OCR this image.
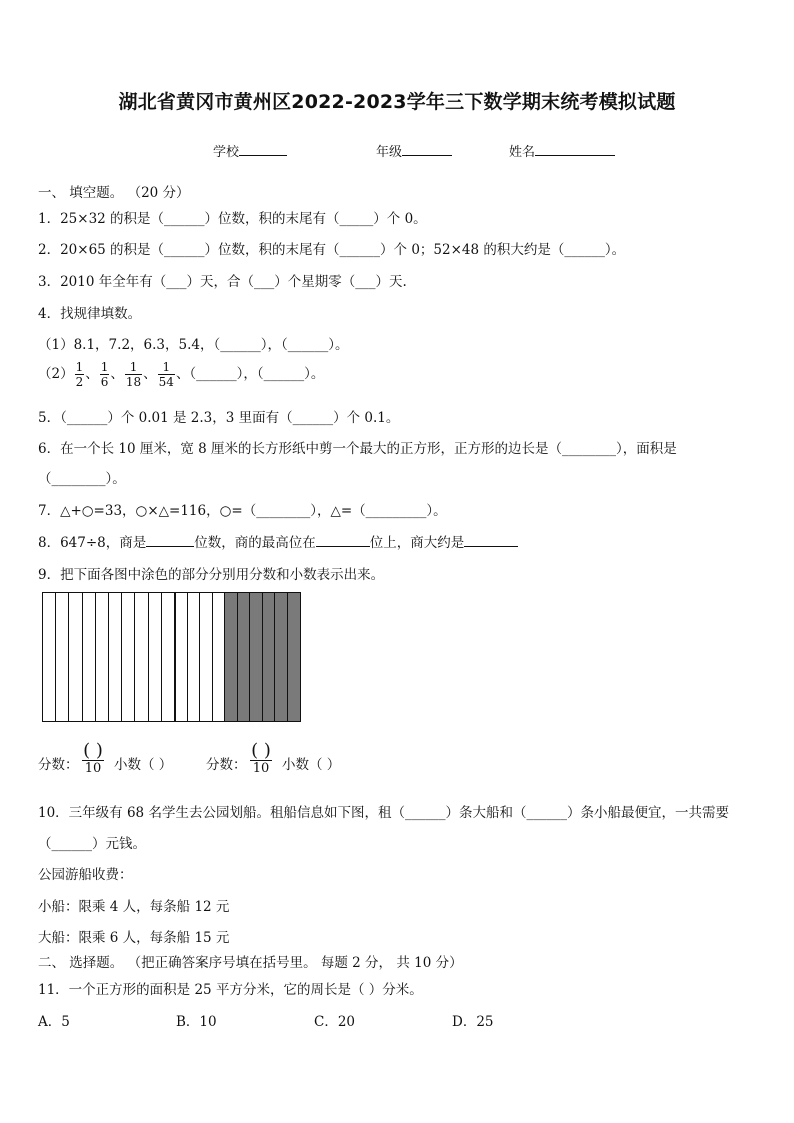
湖北省黄冈市黄州区2022-2023学年三下数学期末统考模拟试题
学校	年级	姓名
一、 填空题。 （20 分）
1．25×32 的积是（______）位数，积的末尾有（_____）个 0。
2．20×65 的积是（______）位数，积的末尾有（______）个 0；52×48 的积大约是（______）。
3．2010 年全年有（___）天，合（___）个星期零（___）天.
4．找规律填数。
（1）8.1，7.2，6.3，5.4，（______），（______）。
$(2) \frac{1}{2}$ 、 $\frac{1}{6}$ 、 $\frac{1}{18}$ 、 $\frac{1}{54}$ 、（______），（______）。
5．（______）个 0.01 是 2.3，3 里面有（______）个 0.1。
6．在一个长 10 厘米，宽 8 厘米的长方形纸中剪一个最大的正方形，正方形的边长是（________），面积是
（________）。
7．△+○=33，○×△=116，○=（________），△=（_________）。
8．647÷8，商是	位数，商的最高位在	位上，商大约是
9．把下面各图中涂色的部分分别用分数和小数表示出来。
分数：
( )
10 小数（ ） 分数：
( )
10 小数（ ）
10．三年级有 68 名学生去公园划船。租船信息如下图，租（______）条大船和（______）条小船最便宜，一共需要
（______）元钱。
公园游船收费：
小船：限乘 4 人，每条船 12 元
大船：限乘 6 人，每条船 15 元
二、 选择题。 （把正确答案序号填在括号里。 每题 2 分， 共 10 分）
11．一个正方形的面积是 25 平方分米，它的周长是（ ）分米。
A．5	B．10	C．20	D．25
